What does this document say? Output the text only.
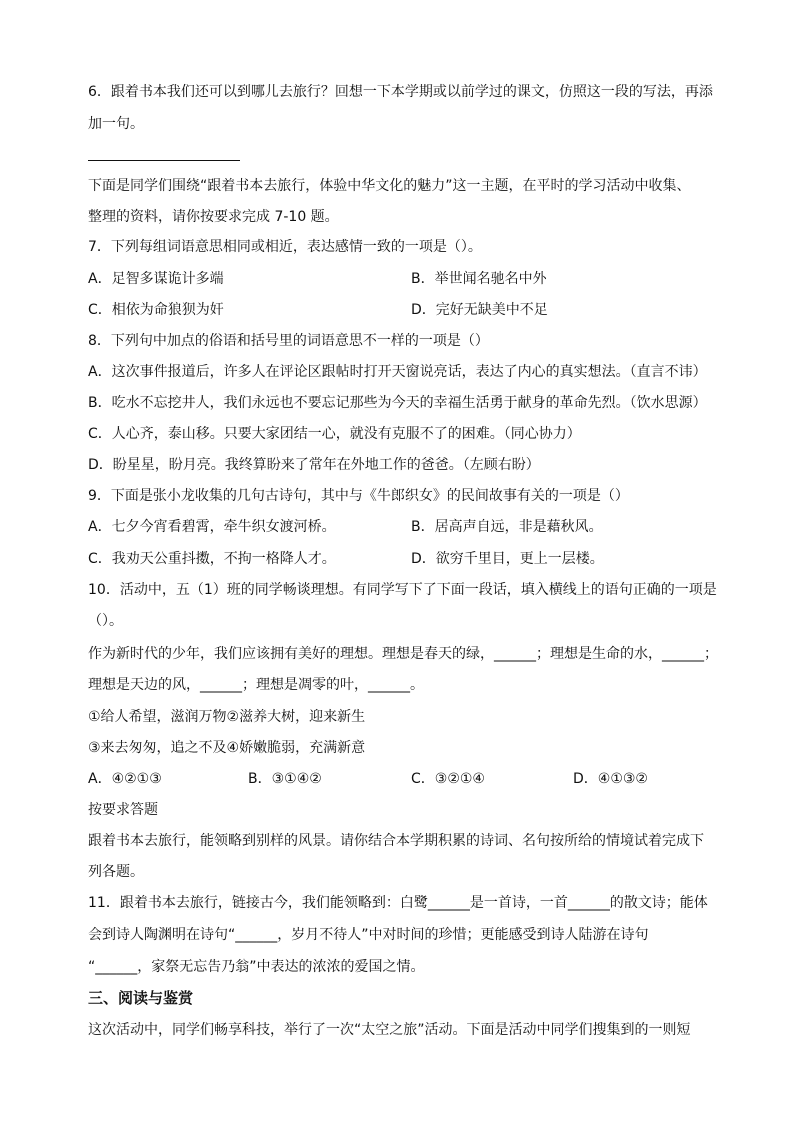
6．跟着书本我们还可以到哪儿去旅行？回想一下本学期或以前学过的课文，仿照这一段的写法，再添

加一句。

下面是同学们围绕“跟着书本去旅行，体验中华文化的魅力”这一主题，在平时的学习活动中收集、

整理的资料，请你按要求完成 7-10 题。

7．下列每组词语意思相同或相近，表达感情一致的一项是（）。

A．足智多谋诡计多端	B．举世闻名驰名中外

C．相依为命狼狈为奸	D．完好无缺美中不足

8．下列句中加点的俗语和括号里的词语意思不一样的一项是（）

A．这次事件报道后，许多人在评论区跟帖时打开天窗说亮话，表达了内心的真实想法。（直言不讳）

B．吃水不忘挖井人，我们永远也不要忘记那些为今天的幸福生活勇于献身的革命先烈。（饮水思源）

C．人心齐，泰山移。只要大家团结一心，就没有克服不了的困难。（同心协力）

D．盼星星，盼月亮。我终算盼来了常年在外地工作的爸爸。（左顾右盼）

9．下面是张小龙收集的几句古诗句，其中与《牛郎织女》的民间故事有关的一项是（）

A．七夕今宵看碧霄，牵牛织女渡河桥。	B．居高声自远，非是藉秋风。

C．我劝天公重抖擞，不拘一格降人才。	D．欲穷千里目，更上一层楼。

10．活动中，五（1）班的同学畅谈理想。有同学写下了下面一段话，填入横线上的语句正确的一项是

（）。

作为新时代的少年，我们应该拥有美好的理想。理想是春天的绿，______；理想是生命的水，______；

理想是天边的风，______；理想是凋零的叶，______。

①给人希望，滋润万物②滋养大树，迎来新生

③来去匆匆，追之不及④娇嫩脆弱，充满新意

A．④②①③	B．③①④②	C．③②①④	D．④①③②

按要求答题

跟着书本去旅行，能领略到别样的风景。请你结合本学期积累的诗词、名句按所给的情境试着完成下

列各题。

11．跟着书本去旅行，链接古今，我们能领略到：白鹭______是一首诗，一首______的散文诗；能体

会到诗人陶渊明在诗句“______，岁月不待人”中对时间的珍惜；更能感受到诗人陆游在诗句

“______，家祭无忘告乃翁”中表达的浓浓的爱国之情。

三、阅读与鉴赏

这次活动中，同学们畅享科技，举行了一次“太空之旅”活动。下面是活动中同学们搜集到的一则短
